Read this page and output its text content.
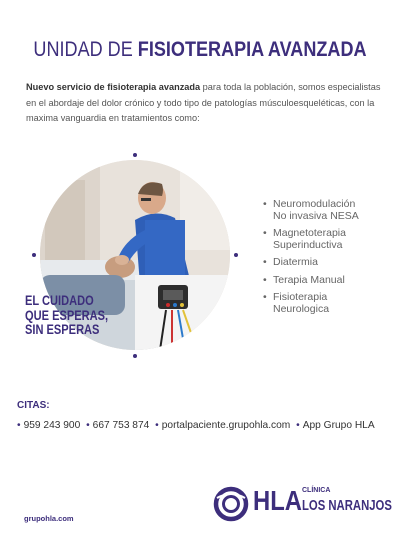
UNIDAD DE FISIOTERAPIA AVANZADA
Nuevo servicio de fisioterapia avanzada para toda la población, somos especialistas en el abordaje del dolor crónico y todo tipo de patologías músculoesqueléticas, con la maxima vanguardia en tratamientos como:
EL CUIDADO
QUE ESPERAS,
SIN ESPERAS
• Neuromodulación
No invasiva NESA
• Magnetoterapia
Superinductiva
• Diatermia
• Terapia Manual
• Fisioterapia
Neurologica
CITAS:
• 959 243 900 • 667 753 874 • portalpaciente.grupohla.com • App Grupo HLA
HLA CLÍNICA
LOS NARANJOS
grupohla.com
